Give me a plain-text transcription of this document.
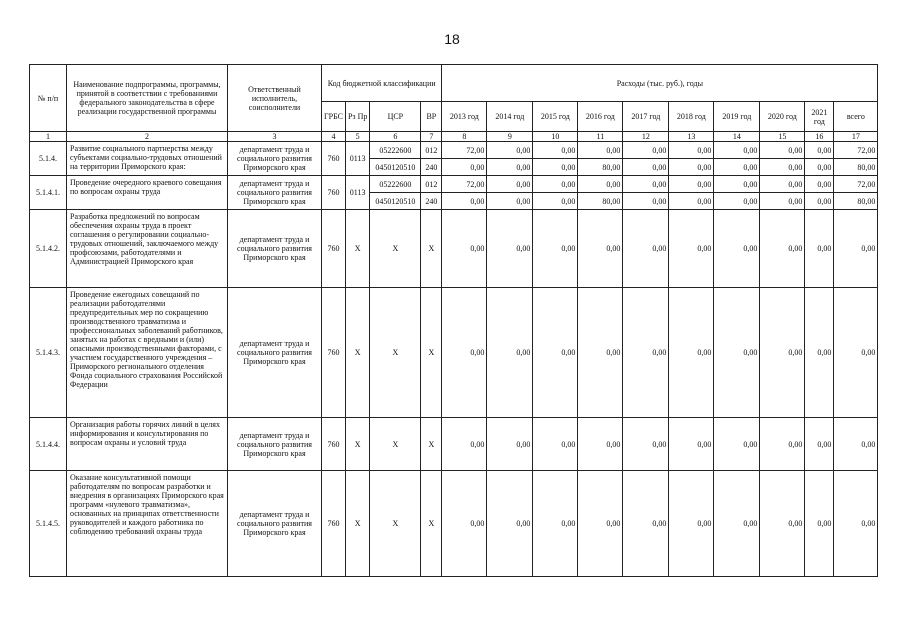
18
№ п/п	Наименование подпрограммы, программы, принятой в соответствии с требованиями федерального законодательства в сфере реализации государственной программы	Ответственный исполнитель, соисполнители	Код бюджетной классификации				Расходы (тыс. руб.), годы									
			ГРБС	Рз Пр	ЦСР	ВР	2013 год	2014 год	2015 год	2016 год	2017 год	2018 год	2019 год	2020 год	2021 год	всего
1	2	3	4	5	6	7	8	9	10	11	12	13	14	15	16	17
5.1.4.	Развитие социального партнерства между субъектами социально-трудовых отношений на территории Приморского края:	департамент труда и социального развития Приморского края	760	0113	05222600	012	72,00	0,00	0,00	0,00	0,00	0,00	0,00	0,00	0,00	72,00
					0450120510	240	0,00	0,00	0,00	80,00	0,00	0,00	0,00	0,00	0,00	80,00
5.1.4.1.	Проведение очередного краевого совещания по вопросам охраны труда	департамент труда и социального развития Приморского края	760	0113	05222600	012	72,00	0,00	0,00	0,00	0,00	0,00	0,00	0,00	0,00	72,00
					0450120510	240	0,00	0,00	0,00	80,00	0,00	0,00	0,00	0,00	0,00	80,00
5.1.4.2.	Разработка предложений по вопросам обеспечения охраны труда в проект соглашения о регулировании социально-трудовых отношений, заключаемого между профсоюзами, работодателями и Администрацией Приморского края	департамент труда и социального развития Приморского края	760	Х	Х	Х	0,00	0,00	0,00	0,00	0,00	0,00	0,00	0,00	0,00	0,00
5.1.4.3.	Проведение ежегодных совещаний по реализации работодателями предупредительных мер по сокращению производственного травматизма и профессиональных заболеваний работников, занятых на работах с вредными и (или) опасными производственными факторами, с участием государственного учреждения – Приморского регионального отделения Фонда социального страхования Российской Федерации	департамент труда и социального развития Приморского края	760	Х	Х	Х	0,00	0,00	0,00	0,00	0,00	0,00	0,00	0,00	0,00	0,00
5.1.4.4.	Организация работы горячих линий в целях информирования и консультирования по вопросам охраны и условий труда	департамент труда и социального развития Приморского края	760	Х	Х	Х	0,00	0,00	0,00	0,00	0,00	0,00	0,00	0,00	0,00	0,00
5.1.4.5.	Оказание консультативной помощи работодателям по вопросам разработки и внедрения в организациях Приморского края программ «нулевого травматизма», основанных на принципах ответственности руководителей и каждого работника по соблюдению требований охраны труда	департамент труда и социального развития Приморского края	760	Х	Х	Х	0,00	0,00	0,00	0,00	0,00	0,00	0,00	0,00	0,00	0,00
